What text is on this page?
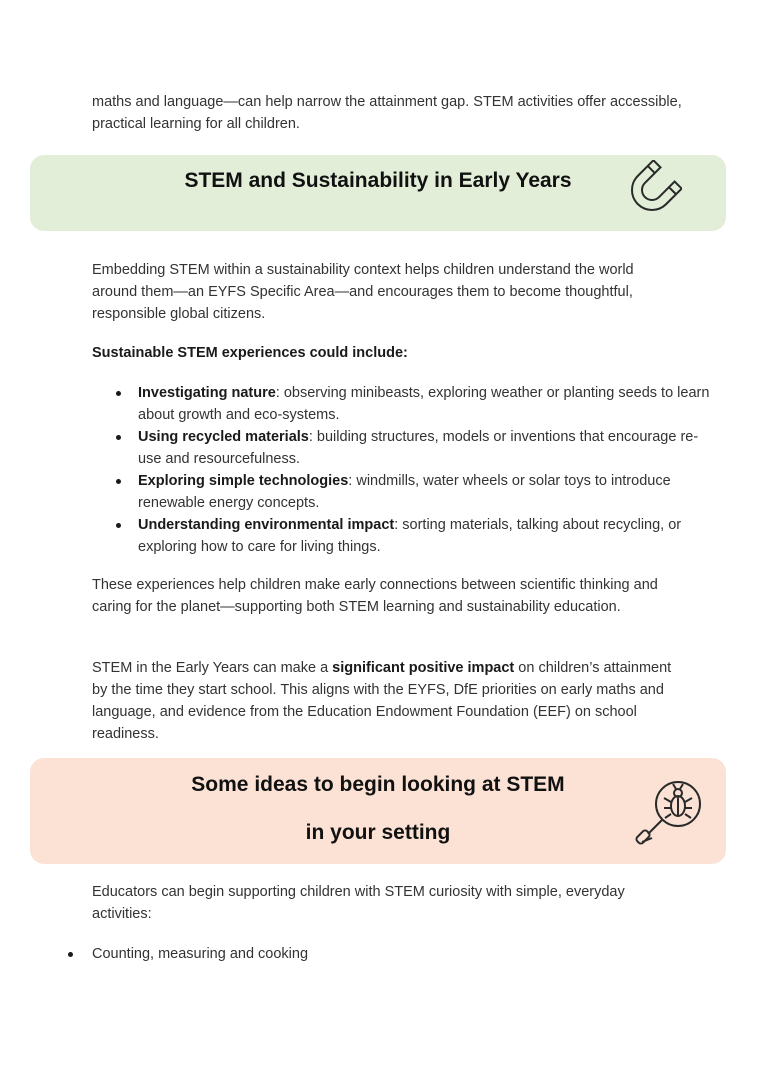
maths and language—can help narrow the attainment gap. STEM activities offer accessible, practical learning for all children.

STEM and Sustainability in Early Years

Embedding STEM within a sustainability context helps children understand the world around them—an EYFS Specific Area—and encourages them to become thoughtful, responsible global citizens.

Sustainable STEM experiences could include:

Investigating nature: observing minibeasts, exploring weather or planting seeds to learn about growth and eco-systems.
Using recycled materials: building structures, models or inventions that encourage re-use and resourcefulness.
Exploring simple technologies: windmills, water wheels or solar toys to introduce renewable energy concepts.
Understanding environmental impact: sorting materials, talking about recycling, or exploring how to care for living things.

These experiences help children make early connections between scientific thinking and caring for the planet—supporting both STEM learning and sustainability education.

STEM in the Early Years can make a significant positive impact on children’s attainment by the time they start school. This aligns with the EYFS, DfE priorities on early maths and language, and evidence from the Education Endowment Foundation (EEF) on school readiness.

Some ideas to begin looking at STEM
in your setting

Educators can begin supporting children with STEM curiosity with simple, everyday activities:

Counting, measuring and cooking
